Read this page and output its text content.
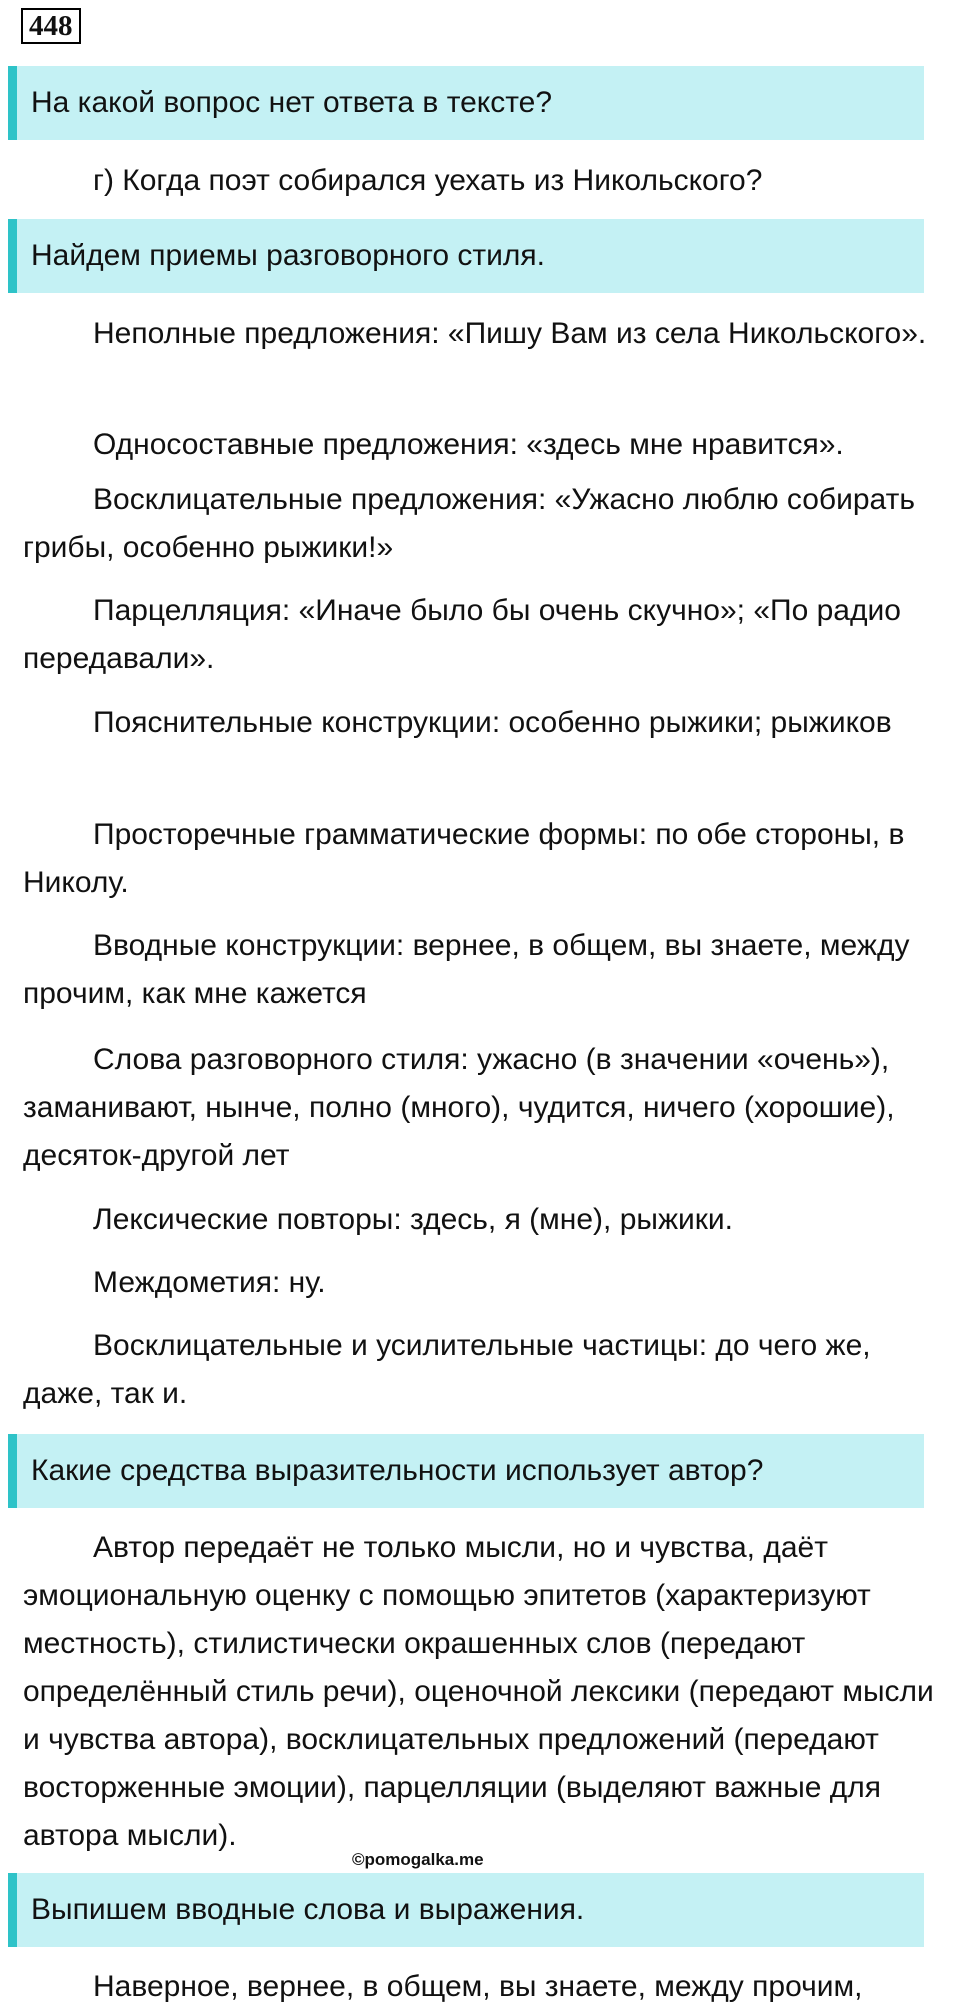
448
На какой вопрос нет ответа в тексте?
г) Когда поэт собирался уехать из Никольского?
Найдем приемы разговорного стиля.
Неполные предложения: «Пишу Вам из села Никольского».
Односоставные предложения: «здесь мне нравится».
Восклицательные предложения: «Ужасно люблю собирать грибы, особенно рыжики!»
Парцелляция: «Иначе было бы очень скучно»; «По радио передавали».
Пояснительные конструкции: особенно рыжики; рыжиков
Просторечные грамматические формы: по обе стороны, в Николу.
Вводные конструкции: вернее, в общем, вы знаете, между прочим, как мне кажется
Слова разговорного стиля: ужасно (в значении «очень»), заманивают, нынче, полно (много), чудится, ничего (хорошие), десяток-другой лет
Лексические повторы: здесь, я (мне), рыжики.
Междометия: ну.
Восклицательные и усилительные частицы: до чего же, даже, так и.
Какие средства выразительности использует автор?
Автор передаёт не только мысли, но и чувства, даёт эмоциональную оценку с помощью эпитетов (характеризуют местность), стилистически окрашенных слов (передают определённый стиль речи), оценочной лексики (передают мысли и чувства автора), восклицательных предложений (передают восторженные эмоции), парцелляции (выделяют важные для автора мысли).
©pomogalka.me
Выпишем вводные слова и выражения.
Наверное, вернее, в общем, вы знаете, между прочим,
